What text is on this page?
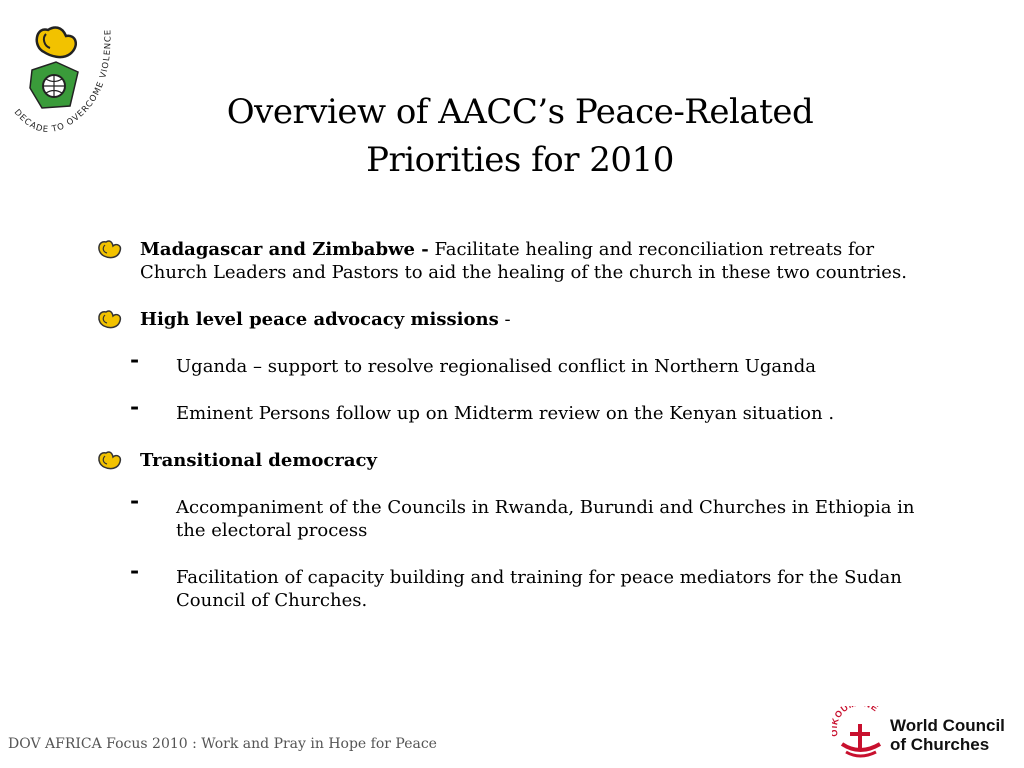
DECADE TO OVERCOME VIOLENCE
Overview of AACC’s Peace-Related
Priorities for 2010
Madagascar and Zimbabwe - Facilitate healing and reconciliation retreats for Church Leaders and Pastors to aid the healing of the church in these two countries.
High level peace advocacy missions -
- Uganda – support to resolve regionalised conflict in Northern Uganda
- Eminent Persons follow up on Midterm review on the Kenyan situation .
Transitional democracy
- Accompaniment of the Councils in Rwanda, Burundi and Churches in Ethiopia in the electoral process
- Facilitation of capacity building and training for peace mediators for the Sudan Council of Churches.
DOV AFRICA Focus 2010 : Work and Pray in Hope for Peace
OU E
World Council
of Churches
